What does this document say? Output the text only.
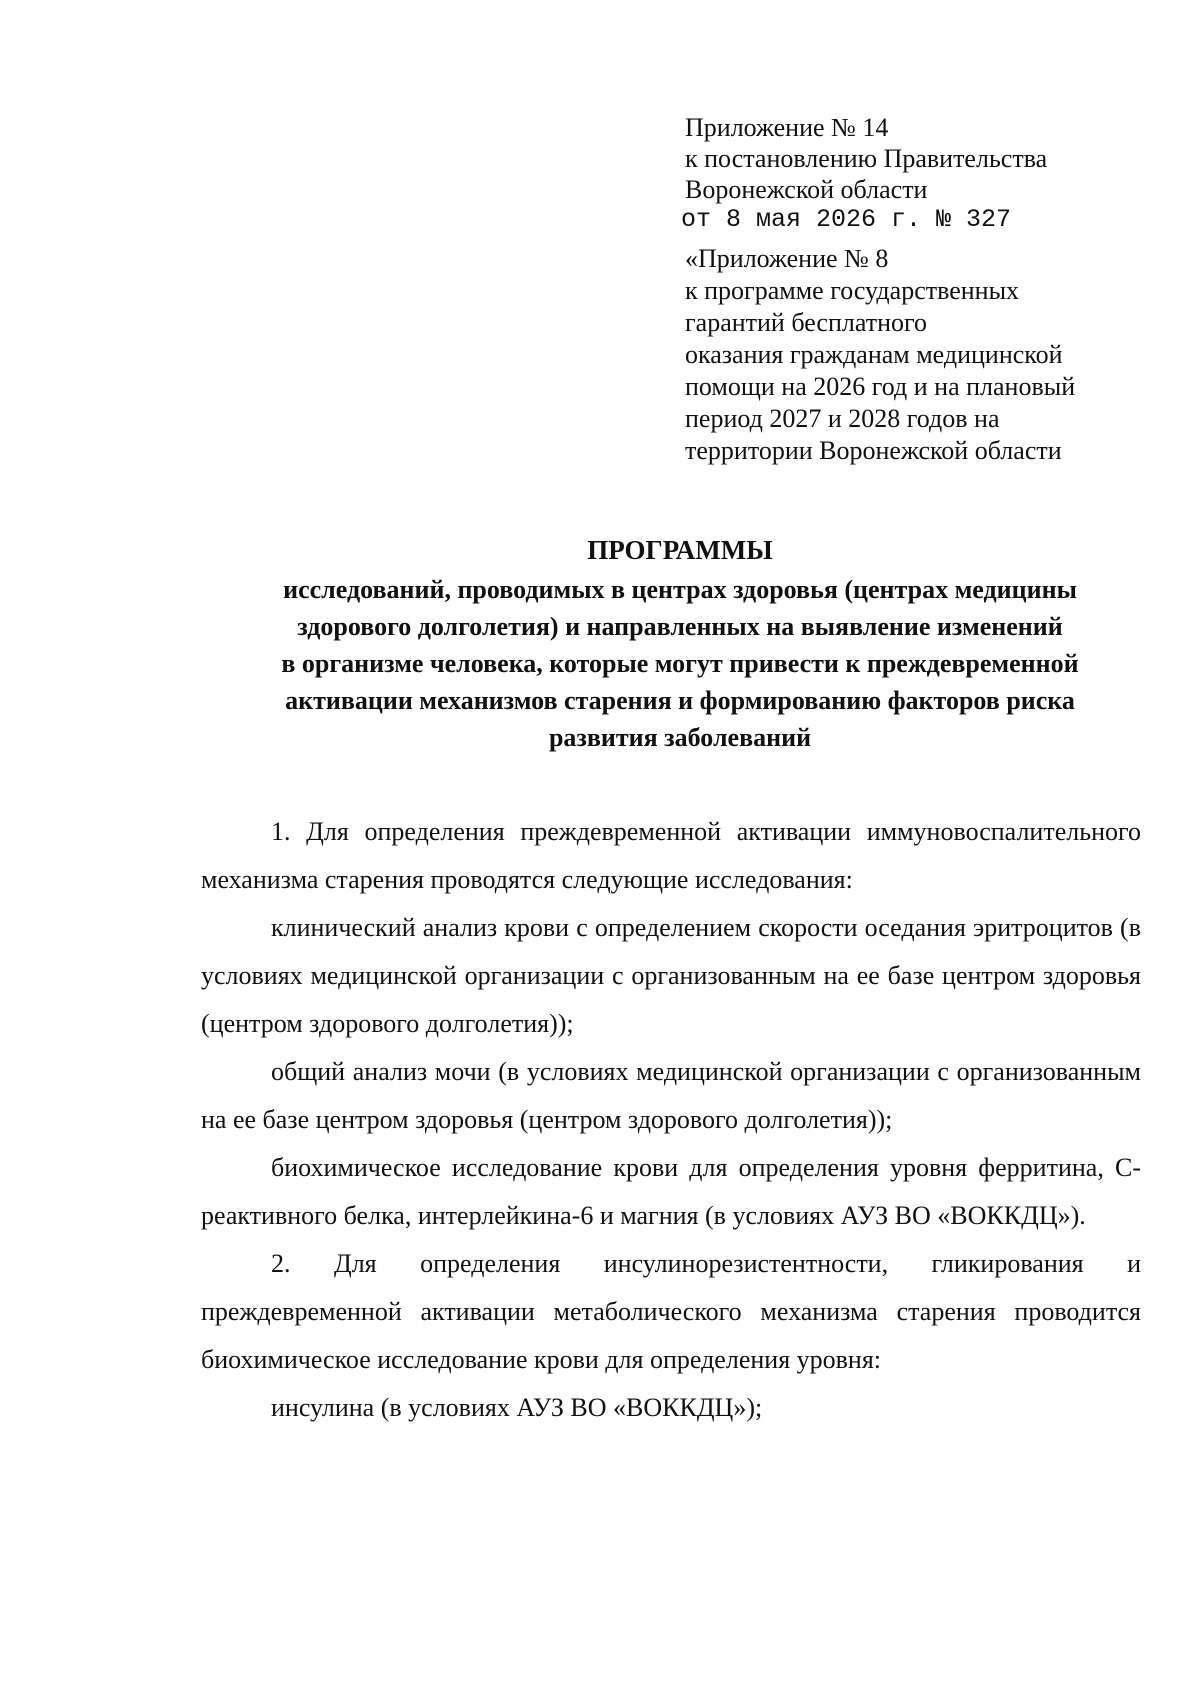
Приложение № 14
к постановлению Правительства
Воронежской области
от 8 мая 2026 г. № 327
«Приложение № 8
к программе государственных
гарантий бесплатного
оказания гражданам медицинской
помощи на 2026 год и на плановый
период 2027 и 2028 годов на
территории Воронежской области
ПРОГРАММЫ
исследований, проводимых в центрах здоровья (центрах медицины
здорового долголетия) и направленных на выявление изменений
в организме человека, которые могут привести к преждевременной
активации механизмов старения и формированию факторов риска
развития заболеваний

1. Для определения преждевременной активации иммуновоспалительного механизма старения проводятся следующие исследования:

клинический анализ крови с определением скорости оседания эритроцитов (в условиях медицинской организации с организованным на ее базе центром здоровья (центром здорового долголетия));

общий анализ мочи (в условиях медицинской организации с организованным на ее базе центром здоровья (центром здорового долголетия));

биохимическое исследование крови для определения уровня ферритина, С-реактивного белка, интерлейкина-6 и магния (в условиях АУЗ ВО «ВОККДЦ»).

2. Для определения инсулинорезистентности, гликирования и преждевременной активации метаболического механизма старения проводится биохимическое исследование крови для определения уровня:

инсулина (в условиях АУЗ ВО «ВОККДЦ»);
